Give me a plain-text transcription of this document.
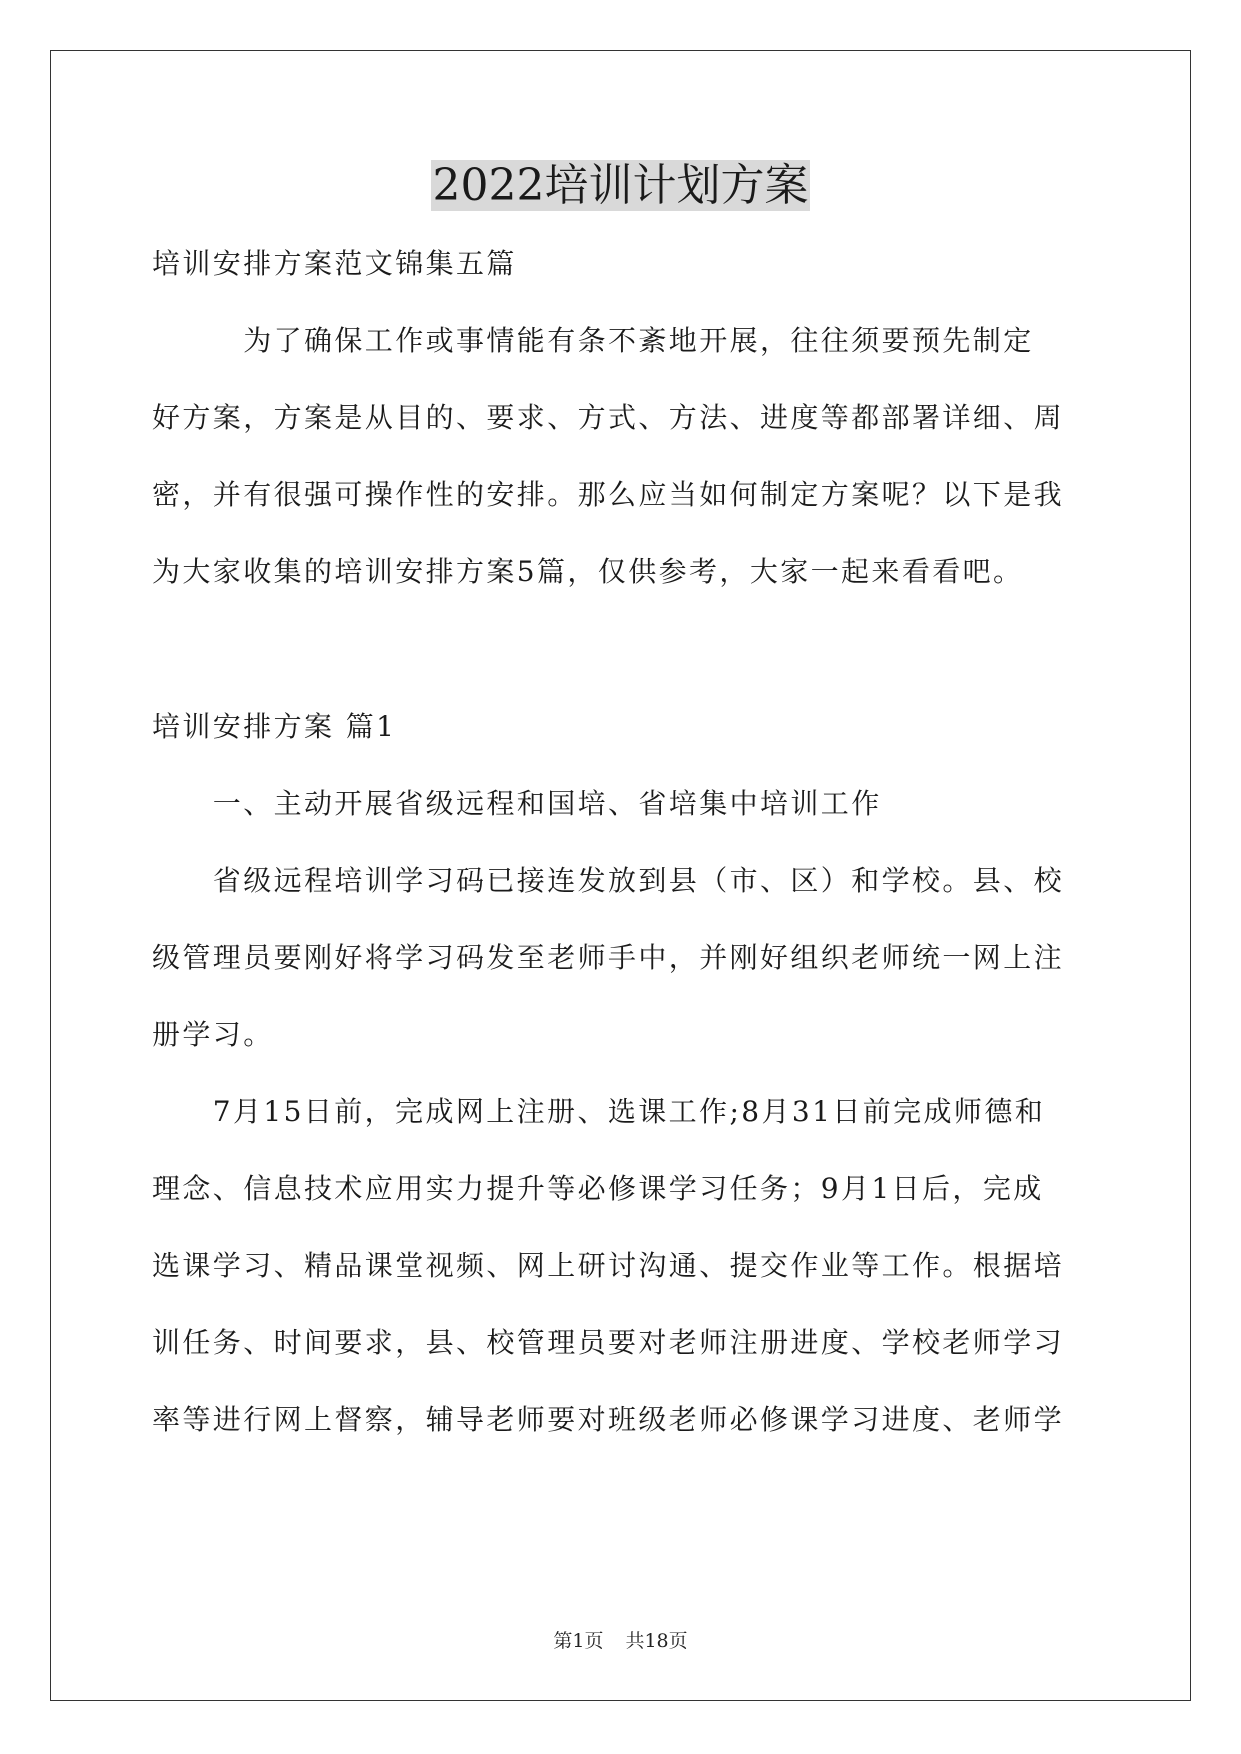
2022培训计划方案
培训安排方案范文锦集五篇
　　　为了确保工作或事情能有条不紊地开展，往往须要预先制定
好方案，方案是从目的、要求、方式、方法、进度等都部署详细、周
密，并有很强可操作性的安排。那么应当如何制定方案呢？以下是我
为大家收集的培训安排方案5篇，仅供参考，大家一起来看看吧。
培训安排方案 篇1
　　一、主动开展省级远程和国培、省培集中培训工作
　　省级远程培训学习码已接连发放到县（市、区）和学校。县、校
级管理员要刚好将学习码发至老师手中，并刚好组织老师统一网上注
册学习。
　　7月15日前，完成网上注册、选课工作;8月31日前完成师德和
理念、信息技术应用实力提升等必修课学习任务；9月1日后，完成
选课学习、精品课堂视频、网上研讨沟通、提交作业等工作。根据培
训任务、时间要求，县、校管理员要对老师注册进度、学校老师学习
率等进行网上督察，辅导老师要对班级老师必修课学习进度、老师学
第1页 共18页
